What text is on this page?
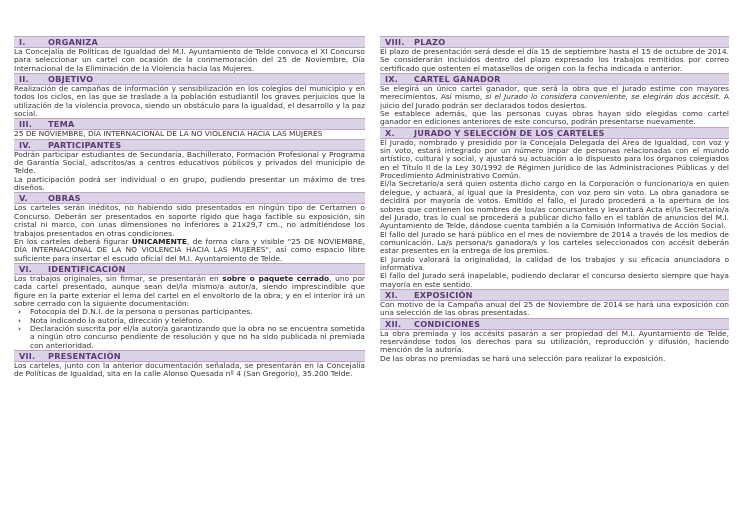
I.	ORGANIZA

La Concejalía de Políticas de Igualdad del M.I. Ayuntamiento de Telde convoca el XI Concurso para seleccionar un cartel con ocasión de la conmemoración del 25 de Noviembre, Día Internacional de la Eliminación de la Violencia hacia las Mujeres.

II. OBJETIVO

Realización de campañas de información y sensibilización en los colegios del municipio y en todos los ciclos, en las que se traslade a la población estudiantil los graves perjuicios que la utilización de la violencia provoca, siendo un obstáculo para la igualdad, el desarrollo y la paz social.

III. TEMA

25 DE NOVIEMBRE, DÍA INTERNACIONAL DE LA NO VIOLENCIA HACIA LAS MUJERES

IV. PARTICIPANTES

Podrán participar estudiantes de Secundaria, Bachillerato, Formación Profesional y Programa de Garantía Social, adscritos/as a centros educativos públicos y privados del municipio de Telde.

La participación podrá ser individual o en grupo, pudiendo presentar un máximo de tres diseños.

V. OBRAS

Los carteles serán inéditos, no habiendo sido presentados en ningún tipo de Certamen o Concurso. Deberán ser presentados en soporte rígido que haga factible su exposición, sin cristal ni marco, con unas dimensiones no inferiores a 21x29,7 cm., no admitiéndose los trabajos presentados en otras condiciones.

En los carteles deberá figurar ÚNICAMENTE, de forma clara y visible "25 DE NOVIEMBRE, DÍA INTERNACIONAL DE LA NO VIOLENCIA HACIA LAS MUJERES", así como espacio libre suficiente para insertar el escudo oficial del M.I. Ayuntamiento de Telde.

VI. IDENTIFICACIÓN

Los trabajos originales, sin firmar, se presentarán en sobre o paquete cerrado, uno por cada cartel presentado, aunque sean del/la mismo/a autor/a, siendo imprescindible que figure en la parte exterior el lema del cartel en el envoltorio de la obra; y en el interior irá un sobre cerrado con la siguiente documentación:

› Fotocopia del D.N.I. de la persona o personas participantes.
› Nota indicando la autoría, dirección y teléfono.
› Declaración suscrita por el/la autor/a garantizando que la obra no se encuentra sometida a ningún otro concurso pendiente de resolución y que no ha sido publicada ni premiada con anterioridad.
VII. PRESENTACIÓN

Los carteles, junto con la anterior documentación señalada, se presentarán en la Concejalía de Políticas de Igualdad, sita en la calle Alonso Quesada nº 4 (San Gregorio), 35.200 Telde.

VIII. PLAZO

El plazo de presentación será desde el día 15 de septiembre hasta el 15 de octubre de 2014. Se considerarán incluidos dentro del plazo expresado los trabajos remitidos por correo certificado que ostenten el matasellos de origen con la fecha indicada o anterior.

IX. CARTEL GANADOR

Se elegirá un único cartel ganador, que será la obra que el Jurado estime con mayores merecimientos. Así mismo, si el Jurado lo considera conveniente, se elegirán dos accésit. A juicio del Jurado podrán ser declarados todos desiertos.

Se establece además, que las personas cuyas obras hayan sido elegidas como cartel ganador en ediciones anteriores de este concurso, podrán presentarse nuevamente.

X. JURADO Y SELECCIÓN DE LOS CARTELES

El Jurado, nombrado y presidido por la Concejala Delegada del Área de Igualdad, con voz y sin voto, estará integrado por un número impar de personas relacionadas con el mundo artístico, cultural y social, y ajustará su actuación a lo dispuesto para los órganos colegiados en el Título II de la Ley 30/1992 de Régimen Jurídico de las Administraciones Públicas y del Procedimiento Administrativo Común.

El/la Secretario/a será quien ostenta dicho cargo en la Corporación o funcionario/a en quien delegue, y actuará, al igual que la Presidenta, con voz pero sin voto. La obra ganadora se decidirá por mayoría de votos. Emitido el fallo, el Jurado procederá a la apertura de los sobres que contienen los nombres de los/as concursantes y levantará Acta el/la Secretario/a del Jurado, tras lo cual se procederá a publicar dicho fallo en el tablón de anuncios del M.I. Ayuntamiento de Telde, dándose cuenta también a la Comisión Informativa de Acción Social.

El fallo del Jurado se hará público en el mes de noviembre de 2014 a través de los medios de comunicación. La/s persona/s ganadora/s y los carteles seleccionados con accésit deberán estar presentes en la entrega de los premios.

El Jurado valorará la originalidad, la calidad de los trabajos y su eficacia anunciadora o informativa.

El fallo del Jurado será inapelable, pudiendo declarar el concurso desierto siempre que haya mayoría en este sentido.

XI. EXPOSICIÓN

Con motivo de la Campaña anual del 25 de Noviembre de 2014 se hará una exposición con una selección de las obras presentadas.

XII. CONDICIONES

La obra premiada y los accésits pasarán a ser propiedad del M.I. Ayuntamiento de Telde, reservándose todos los derechos para su utilización, reproducción y difusión, haciendo mención de la autoría.

De las obras no premiadas se hará una selección para realizar la exposición.
